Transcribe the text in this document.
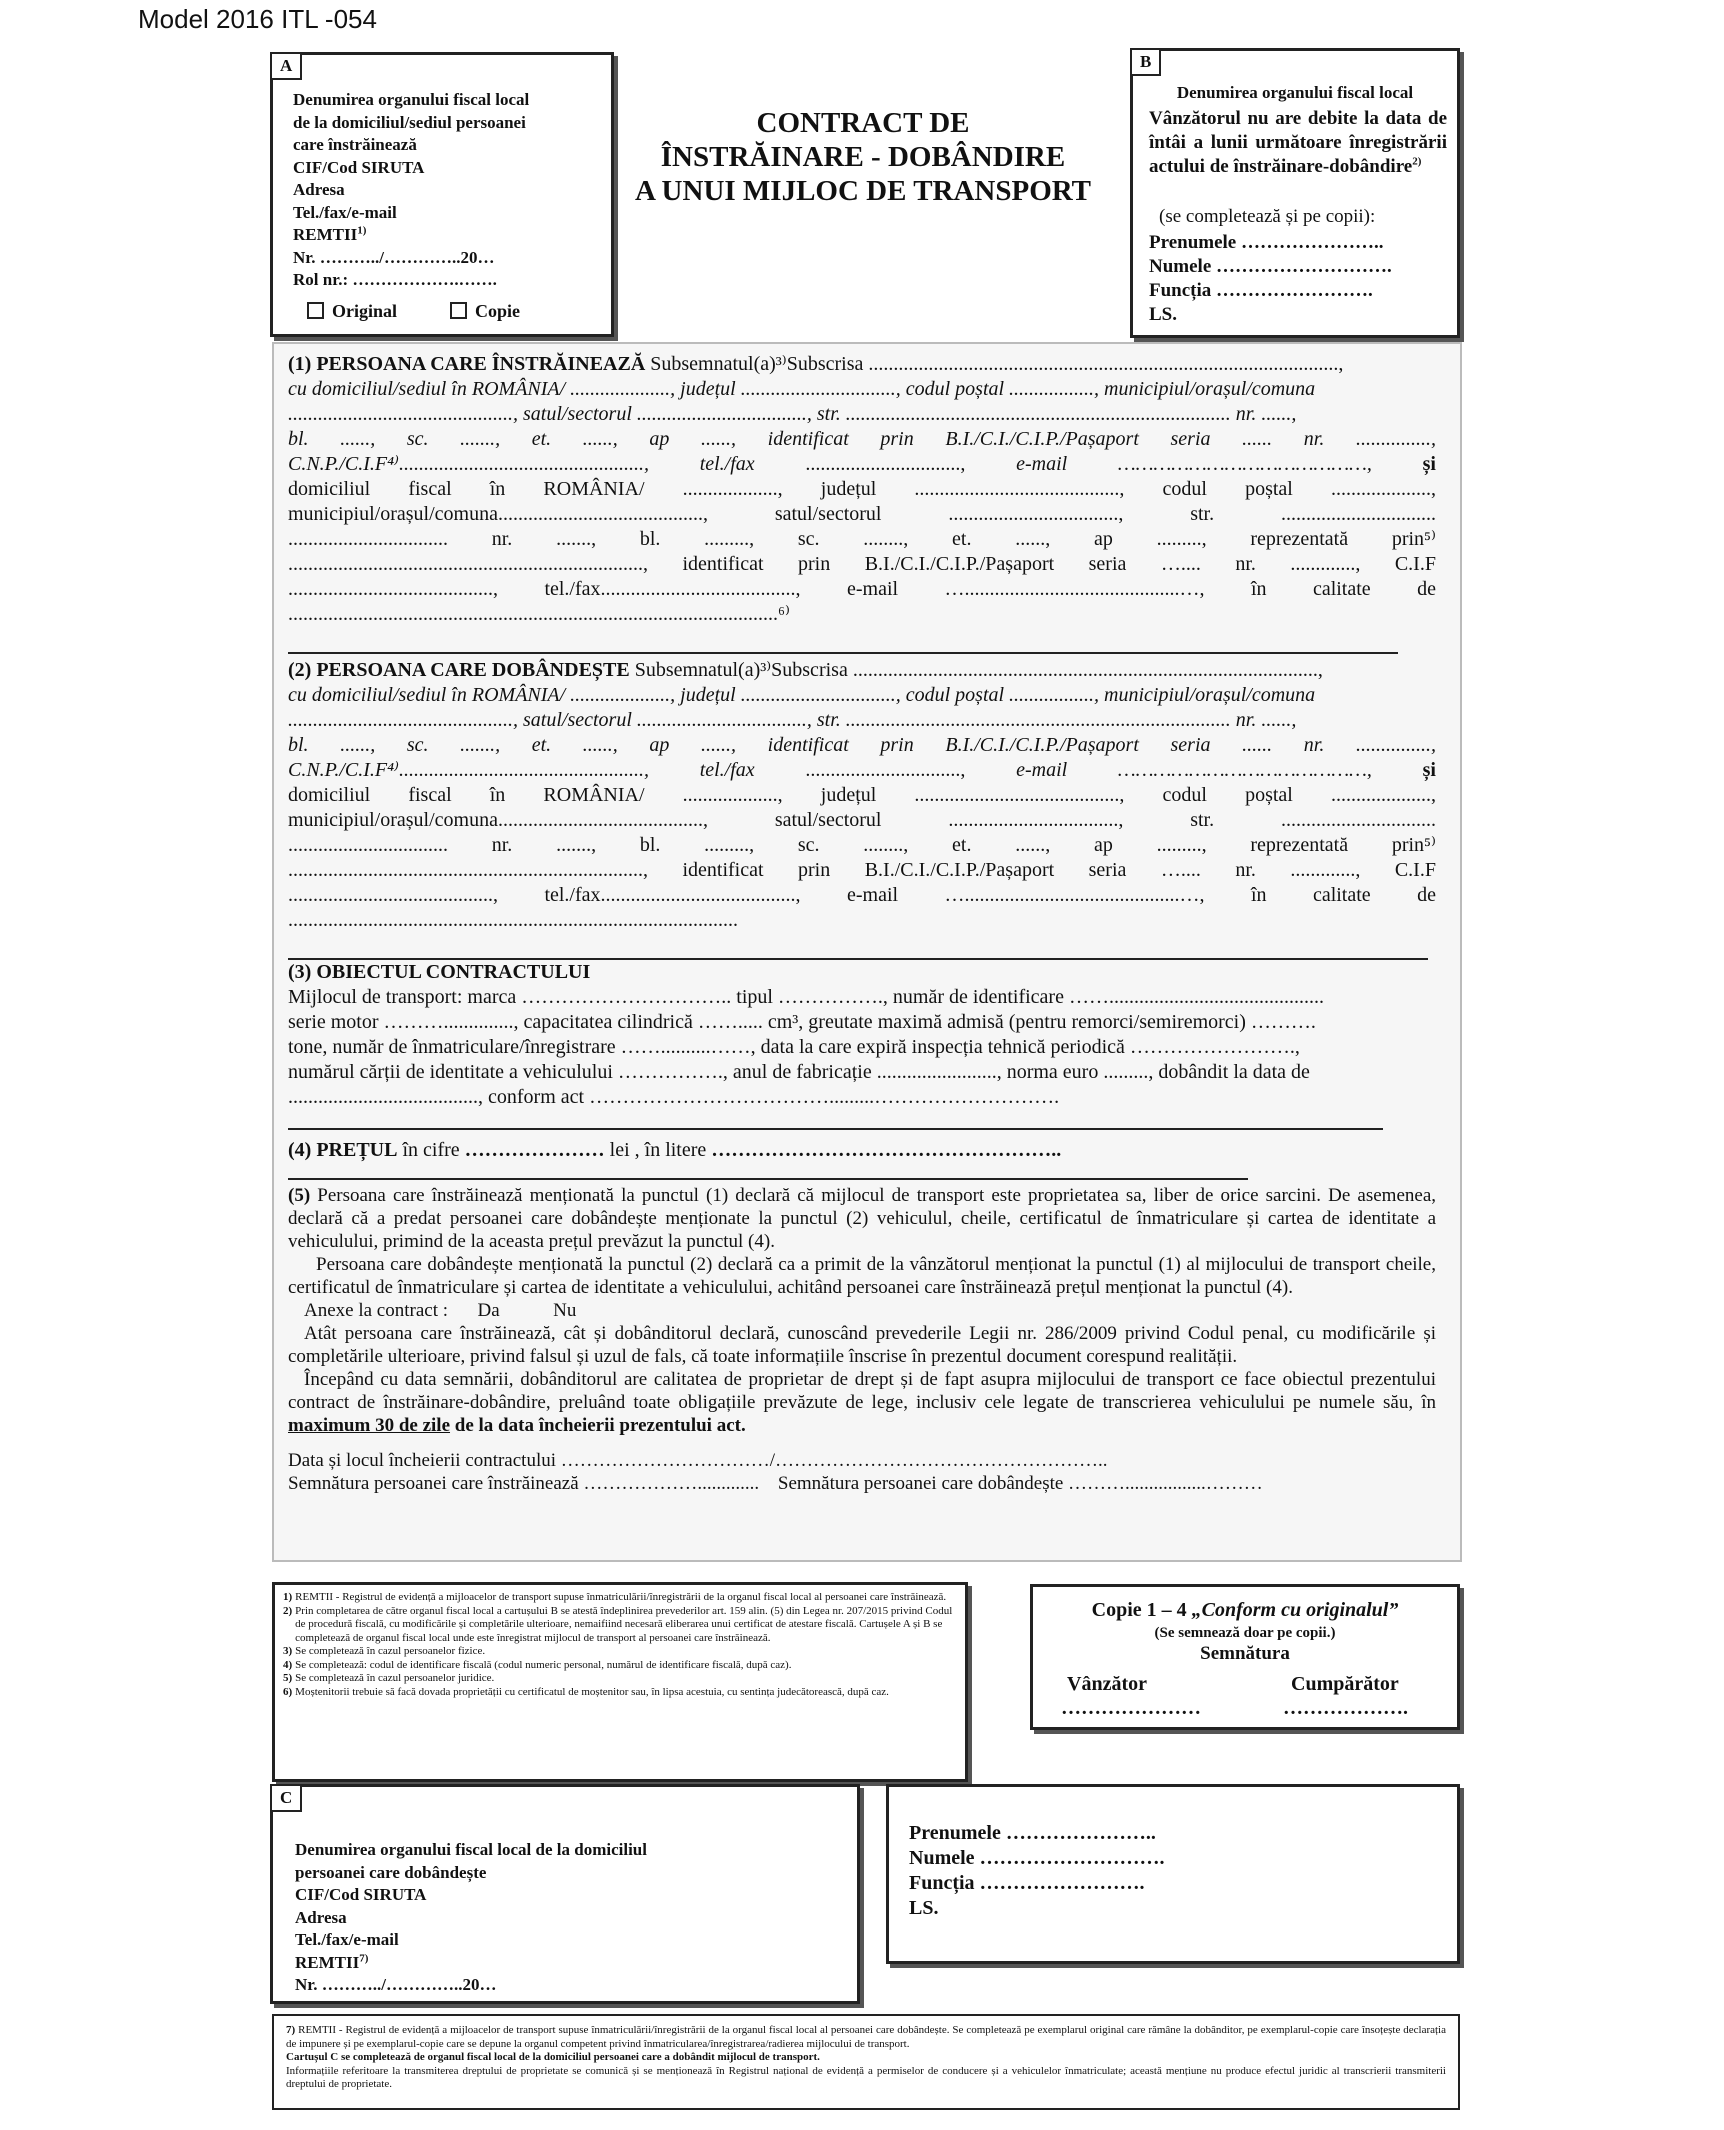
Model 2016 ITL -054
A
Denumirea organului fiscal local
de la domiciliul/sediul persoanei
care înstrăinează
CIF/Cod SIRUTA
Adresa
Tel./fax/e-mail
REMTII$^{1)}$
Nr. ………../…………..20…
Rol nr.: ……………….…….
Original	Copie
CONTRACT DE
ÎNSTRĂINARE - DOBÂNDIRE
A UNUI MIJLOC DE TRANSPORT
B
Denumirea organului fiscal local
Vânzătorul nu are debite la data de întâi a lunii următoare înregistrării actului de înstrăinare-dobândire$^{2)}$
(se completează și pe copii):
Prenumele …………………..
Numele ……………………….
Funcția …………………….
LS.
(1) PERSOANA CARE ÎNSTRĂINEAZĂ Subsemnatul(a)³⁾Subscrisa ..............................................................................................,
cu domiciliul/sediul în ROMÂNIA/ ...................., județul ..............................., codul poștal ................., municipiul/orașul/comuna
............................................., satul/sectorul .................................., str. ............................................................................. nr. ......,
bl. ......, sc. ......., et. ......, ap ......, identificat prin B.I./C.I./C.I.P./Pașaport seria ...... nr. ...............,
C.N.P./C.I.F⁴⁾.................................................,	tel./fax	...............................,	e-mail	……………………………………,	și
domiciliul fiscal în ROMÂNIA/ ..................., județul ........................................., codul poștal ....................,
municipiul/orașul/comuna.........................................,	satul/sectorul	..................................,	str.	...............................
................................ nr. ......., bl. ........., sc. ........, et. ......, ap ........., reprezentată prin⁵⁾
......................................................................., identificat prin B.I./C.I./C.I.P./Pașaport seria ….... nr. ............., C.I.F
........................................., tel./fax......................................., e-mail …...........................................…, în calitate de
..................................................................................................⁶⁾
(2) PERSOANA CARE DOBÂNDEȘTE Subsemnatul(a)³⁾Subscrisa .............................................................................................,
cu domiciliul/sediul în ROMÂNIA/ ...................., județul ..............................., codul poștal ................., municipiul/orașul/comuna
............................................., satul/sectorul .................................., str. ............................................................................. nr. ......,
bl. ......, sc. ......., et. ......, ap ......, identificat prin B.I./C.I./C.I.P./Pașaport seria ...... nr. ...............,
C.N.P./C.I.F⁴⁾.................................................,	tel./fax	...............................,	e-mail	……………………………………,	și
domiciliul fiscal în ROMÂNIA/ ..................., județul ........................................., codul poștal ....................,
municipiul/orașul/comuna.........................................,	satul/sectorul	..................................,	str.	...............................
................................ nr. ......., bl. ........., sc. ........, et. ......, ap ........., reprezentată prin⁵⁾
......................................................................., identificat prin B.I./C.I./C.I.P./Pașaport seria ….... nr. ............., C.I.F
........................................., tel./fax......................................., e-mail …...........................................…, în calitate de
..........................................................................................
(3) OBIECTUL CONTRACTULUI
Mijlocul de transport: marca ………………………….. tipul ……………., număr de identificare ……...........................................
serie motor ……….............., capacitatea cilindrică ……..... cm³, greutate maximă admisă (pentru remorci/semiremorci) ……….
tone, număr de înmatriculare/înregistrare ……..........……, data la care expiră inspecția tehnică periodică …………………….,
numărul cărții de identitate a vehiculului ……………., anul de fabricație ........................, norma euro ........., dobândit la data de
......................................, conform act ……………………………….........……………………….
(4) PREȚUL în cifre ………………… lei , în litere ……………………………………………..
(5) Persoana care înstrăinează menționată la punctul (1) declară că mijlocul de transport este proprietatea sa, liber de orice sarcini. De asemenea, declară că a predat persoanei care dobândește menționate la punctul (2) vehiculul, cheile, certificatul de înmatriculare și cartea de identitate a vehiculului, primind de la aceasta prețul prevăzut la punctul (4).
Persoana care dobândește menționată la punctul (2) declară ca a primit de la vânzătorul menționat la punctul (1) al mijlocului de transport cheile, certificatul de înmatriculare și cartea de identitate a vehiculului, achitând persoanei care înstrăinează prețul menționat la punctul (4).
Anexe la contract : Da	Nu
Atât persoana care înstrăinează, cât și dobânditorul declară, cunoscând prevederile Legii nr. 286/2009 privind Codul penal, cu modificările și completările ulterioare, privind falsul și uzul de fals, că toate informațiile înscrise în prezentul document corespund realității.
Începând cu data semnării, dobânditorul are calitatea de proprietar de drept și de fapt asupra mijlocului de transport ce face obiectul prezentului contract de înstrăinare-dobândire, preluând toate obligațiile prevăzute de lege, inclusiv cele legate de transcrierea vehiculului pe numele său, în maximum 30 de zile de la data încheierii prezentului act.
Data și locul încheierii contractului ……………………………/……………………………………………..
Semnătura persoanei care înstrăinează ………………............. Semnătura persoanei care dobândește ……….................………
1)	REMTII - Registrul de evidență a mijloacelor de transport supuse înmatriculării/înregistrării de la organul fiscal local al persoanei care înstrăinează.
2)	Prin completarea de către organul fiscal local a cartușului B se atestă îndeplinirea prevederilor art. 159 alin. (5) din Legea nr. 207/2015 privind Codul de procedură fiscală, cu modificările și completările ulterioare, nemaifiind necesară eliberarea unui certificat de atestare fiscală. Cartușele A și B se completează de organul fiscal local unde este înregistrat mijlocul de transport al persoanei care înstrăinează.
3)	Se completează în cazul persoanelor fizice.
4)	Se completează: codul de identificare fiscală (codul numeric personal, numărul de identificare fiscală, după caz).
5)	Se completează în cazul persoanelor juridice.
6)	Moștenitorii trebuie să facă dovada proprietății cu certificatul de moștenitor sau, în lipsa acestuia, cu sentința judecătorească, după caz.
Copie 1 – 4 „Conform cu originalul”
(Se semnează doar pe copii.)
Semnătura
Vânzător	Cumpărător
…………………	……………….
C
Denumirea organului fiscal local de la domiciliul
persoanei care dobândește
CIF/Cod SIRUTA
Adresa
Tel./fax/e-mail
REMTII$^{7)}$
Nr. ………../…………..20…
Prenumele …………………..
Numele ……………………….
Funcția …………………….
LS.
7) REMTII - Registrul de evidență a mijloacelor de transport supuse înmatriculării/înregistrării de la organul fiscal local al persoanei care dobândește. Se completează pe exemplarul original care rămâne la dobânditor, pe exemplarul-copie care însoțește declarația de impunere și pe exemplarul-copie care se depune la organul competent privind înmatricularea/înregistrarea/radierea mijlocului de transport.
Cartușul C se completează de organul fiscal local de la domiciliul persoanei care a dobândit mijlocul de transport.
Informațiile referitoare la transmiterea dreptului de proprietate se comunică și se menționează în Registrul național de evidență a permiselor de conducere și a vehiculelor înmatriculate; această mențiune nu produce efectul juridic al transcrierii transmiterii dreptului de proprietate.
